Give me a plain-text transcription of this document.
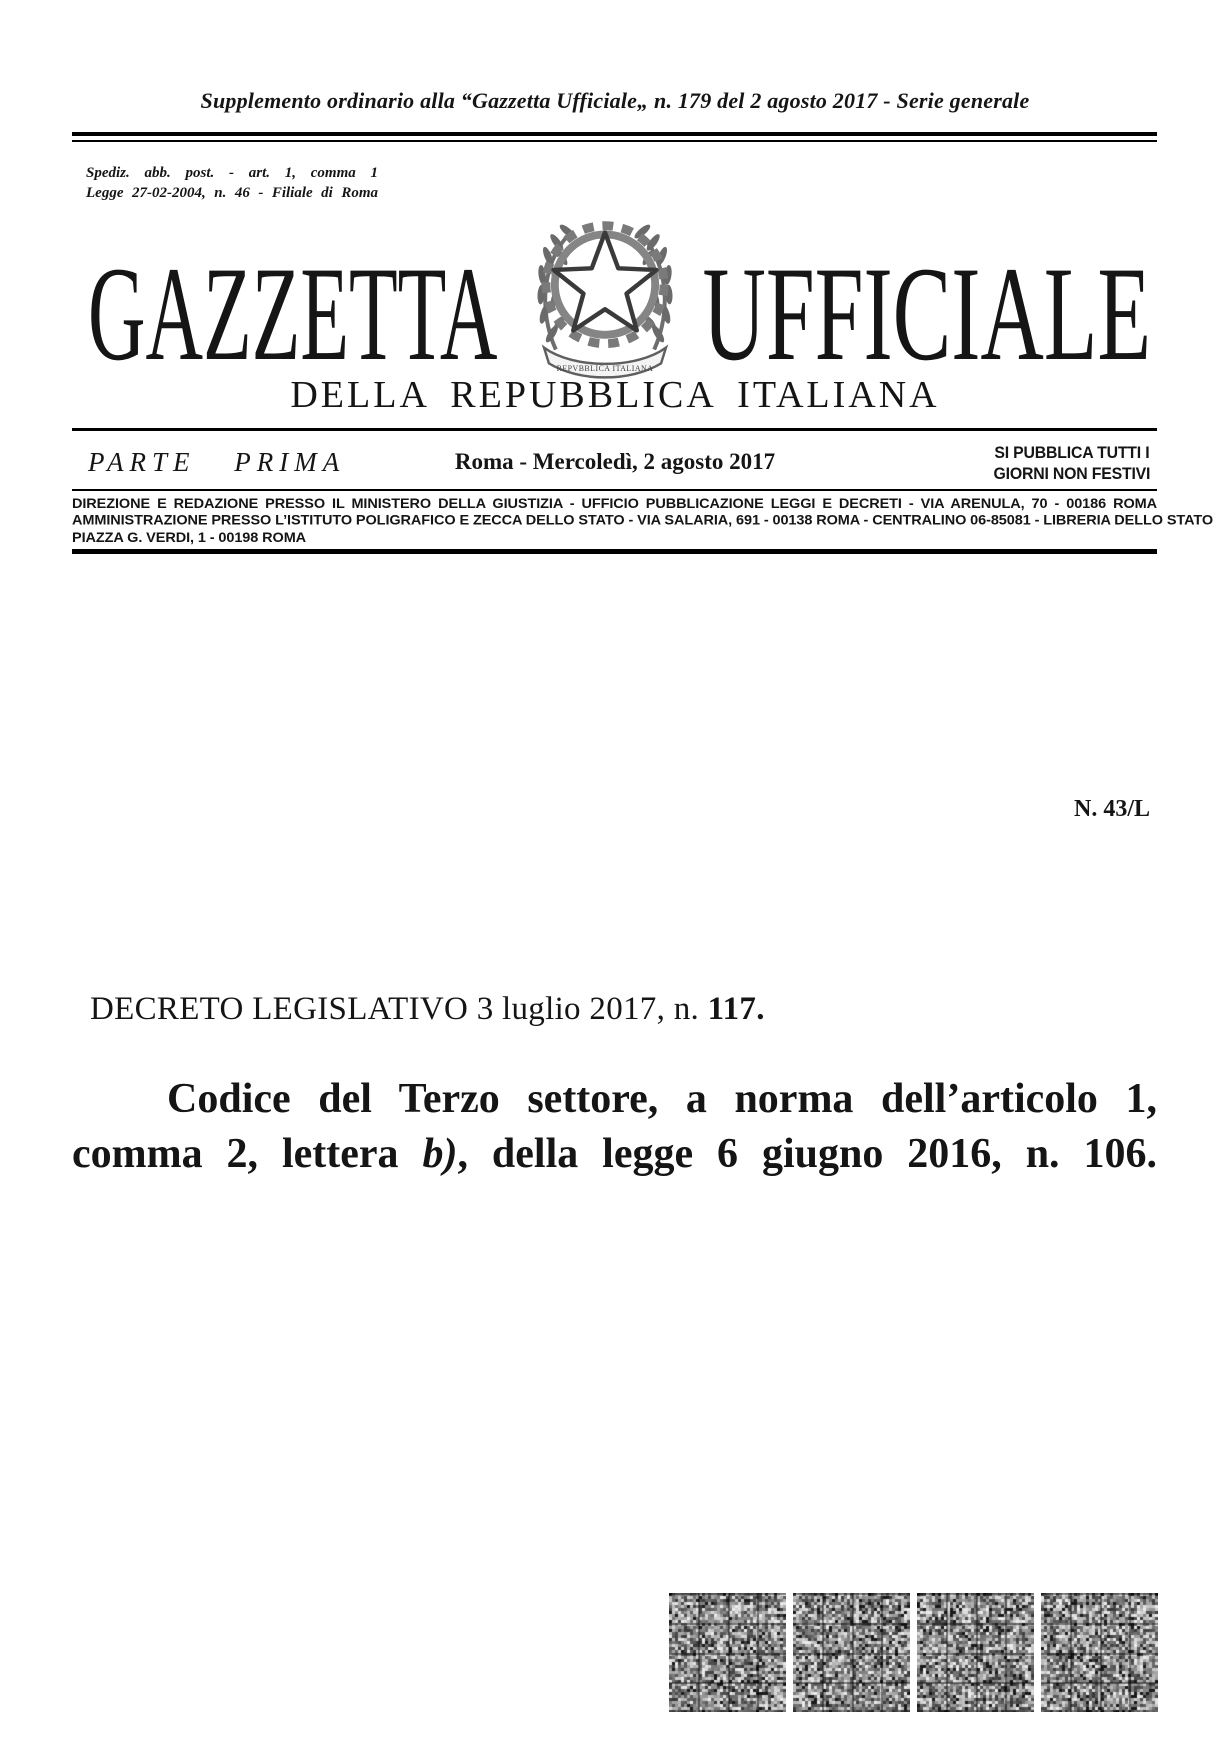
Supplemento ordinario alla “Gazzetta Ufficiale„ n. 179 del 2 agosto 2017 - Serie generale
Spediz. abb. post. - art. 1, comma 1
Legge 27-02-2004, n. 46 - Filiale di Roma
GAZZETTA	REPVBBLICA ITALIANA UFFICIALE
DELLA REPUBBLICA ITALIANA
PARTE PRIMA	Roma - Mercoledì, 2 agosto 2017	SI PUBBLICA TUTTI I
GIORNI NON FESTIVI
DIREZIONE E REDAZIONE PRESSO IL MINISTERO DELLA GIUSTIZIA - UFFICIO PUBBLICAZIONE LEGGI E DECRETI - VIA ARENULA, 70 - 00186 ROMA
AMMINISTRAZIONE PRESSO L’ISTITUTO POLIGRAFICO E ZECCA DELLO STATO - VIA SALARIA, 691 - 00138 ROMA - CENTRALINO 06-85081 - LIBRERIA DELLO STATO
PIAZZA G. VERDI, 1 - 00198 ROMA
N. 43/L
DECRETO LEGISLATIVO 3 luglio 2017, n. 117.
Codice del Terzo settore, a norma dell’articolo 1,
comma 2, lettera b), della legge 6 giugno 2016, n. 106.
